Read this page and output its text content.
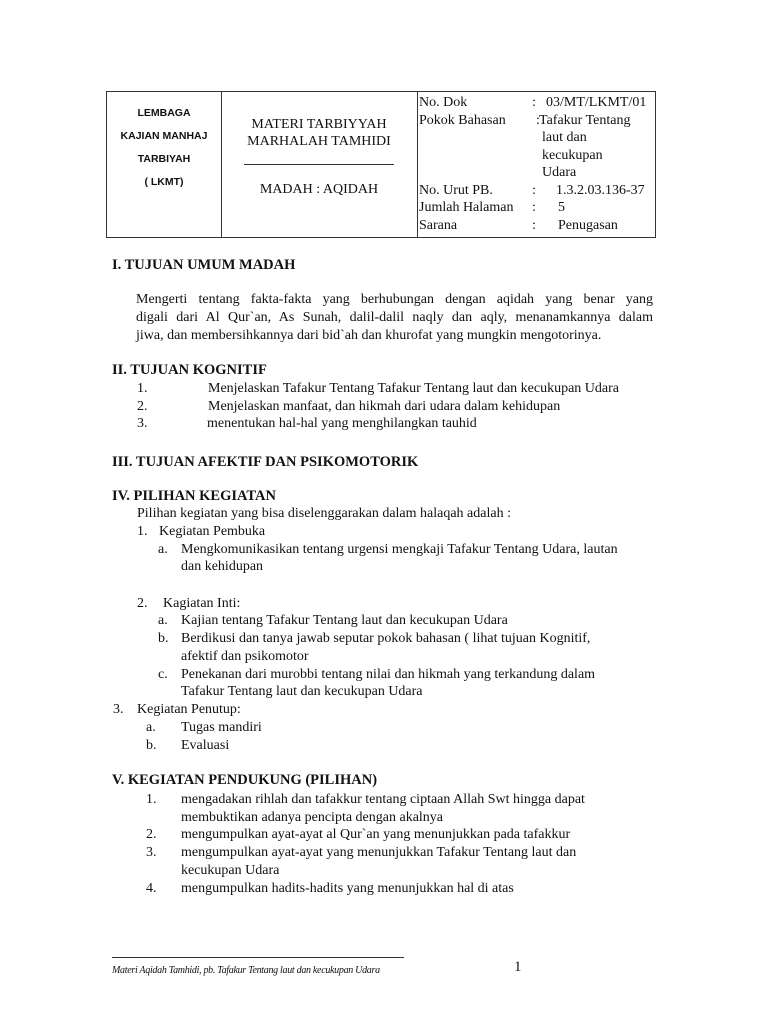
LEMBAGA
KAJIAN MANHAJ
TARBIYAH
( LKMT)
MATERI TARBIYYAH
MARHALAH TAMHIDI
MADAH : AQIDAH
No. Dok	: 03/MT/LKMT/01
Pokok Bahasan : Tafakur Tentang
laut dan
kecukupan
Udara
No. Urut PB.	: 1.3.2.03.136-37
Jumlah Halaman : 5
Sarana	: Penugasan
I. TUJUAN UMUM MADAH
Mengerti tentang fakta-fakta yang berhubungan dengan aqidah yang benar yang
digali dari Al Qur`an, As Sunah, dalil-dalil naqly dan aqly, menanamkannya dalam
jiwa, dan membersihkannya dari bid`ah dan khurofat yang mungkin mengotorinya.
II. TUJUAN KOGNITIF
1.	Menjelaskan Tafakur Tentang Tafakur Tentang laut dan kecukupan Udara
2.	Menjelaskan manfaat, dan hikmah dari udara dalam kehidupan
3.	menentukan hal-hal yang menghilangkan tauhid
III. TUJUAN AFEKTIF DAN PSIKOMOTORIK
IV. PILIHAN KEGIATAN
Pilihan kegiatan yang bisa diselenggarakan dalam halaqah adalah :
1. Kegiatan Pembuka
a. Mengkomunikasikan tentang urgensi mengkaji Tafakur Tentang Udara, lautan
dan kehidupan
2. Kagiatan Inti:
a. Kajian tentang Tafakur Tentang laut dan kecukupan Udara
b. Berdikusi dan tanya jawab seputar pokok bahasan ( lihat tujuan Kognitif,
afektif dan psikomotor
c. Penekanan dari murobbi tentang nilai dan hikmah yang terkandung dalam
Tafakur Tentang laut dan kecukupan Udara
3. Kegiatan Penutup:
a. Tugas mandiri
b. Evaluasi
V. KEGIATAN PENDUKUNG (PILIHAN)
1. mengadakan rihlah dan tafakkur tentang ciptaan Allah Swt hingga dapat
membuktikan adanya pencipta dengan akalnya
2. mengumpulkan ayat-ayat al Qur`an yang menunjukkan pada tafakkur
3. mengumpulkan ayat-ayat yang menunjukkan Tafakur Tentang laut dan
kecukupan Udara
4. mengumpulkan hadits-hadits yang menunjukkan hal di atas
Materi Aqidah Tamhidi, pb. Tafakur Tentang laut dan kecukupan Udara	1
